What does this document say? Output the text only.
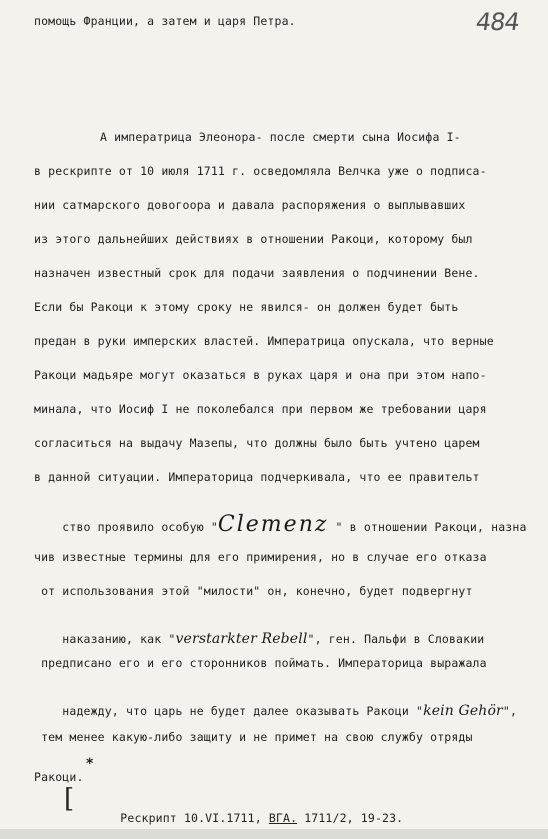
484
помощь Франции, а затем и царя Петра.
А императрица Элеонора- после смерти сына Иосифа I-
в рескрипте от 10 июля 1711 г. осведомляла Велчка уже о подписа-
нии сатмарского довогоора и давала распоряжения о выплывавших
из этого дальнейших действиях в отношении Ракоци, которому был
назначен известный срок для подачи заявления о подчинении Вене.
Если бы Ракоци к этому сроку не явился- он должен будет быть
предан в руки имперских властей. Императрица опускала, что верные
Ракоци мадьяре могут оказаться в руках царя и она при этом напо-
минала, что Иосиф I не поколебался при первом же требовании царя
согласиться на выдачу Мазепы, что должны было быть учтено царем
в данной ситуации. Императорица подчеркивала, что ее правительт

ство проявило особую "Clemenz " в отношении Ракоци, назна

чив известные термины для его примирения, но в случае его отказа
от использования этой "милости" он, конечно, будет подвергнут

наказанию, как "verstarkter Rebell", ген. Пальфи в Словакии

предписано его и его сторонников поймать. Императорица выражала

надежду, что царь не будет далее оказывать Ракоци "kein Gehör",

тем менее какую-либо защиту и не примет на свою службу отряды
Ракоци.
*
[

Рескрипт 10.VI.1711, ВГА. 1711/2, 19-23.
